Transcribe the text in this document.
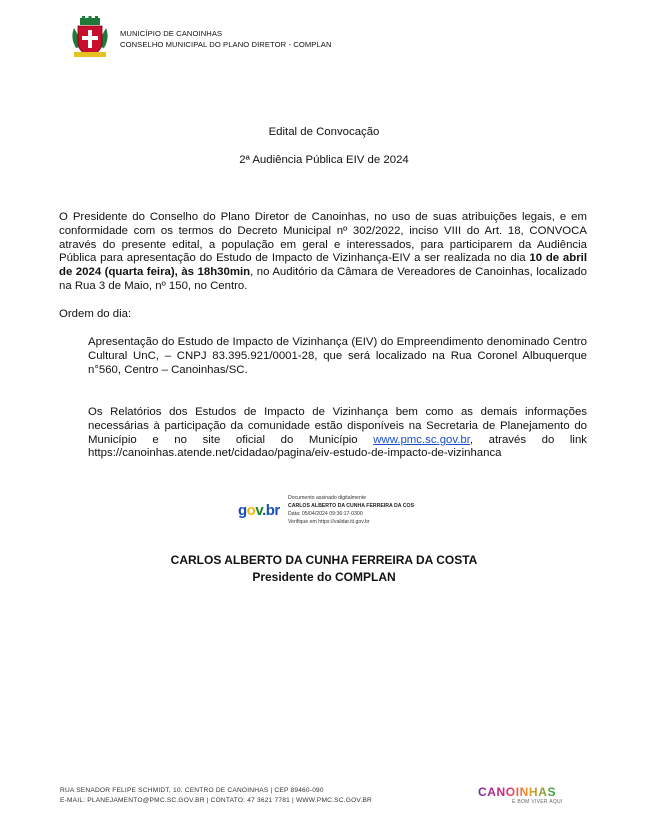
MUNICÍPIO DE CANOINHAS
CONSELHO MUNICIPAL DO PLANO DIRETOR - COMPLAN
Edital de Convocação
2ª Audiência Pública EIV de 2024
O Presidente do Conselho do Plano Diretor de Canoinhas, no uso de suas atribuições legais, e em conformidade com os termos do Decreto Municipal nº 302/2022, inciso VIII do Art. 18, CONVOCA através do presente edital, a população em geral e interessados, para participarem da Audiência Pública para apresentação do Estudo de Impacto de Vizinhança-EIV a ser realizada no dia 10 de abril de 2024 (quarta feira), às 18h30min, no Auditório da Câmara de Vereadores de Canoinhas, localizado na Rua 3 de Maio, nº 150, no Centro.
Ordem do dia:
Apresentação do Estudo de Impacto de Vizinhança (EIV) do Empreendimento denominado Centro Cultural UnC, – CNPJ 83.395.921/0001-28, que será localizado na Rua Coronel Albuquerque n°560, Centro – Canoinhas/SC.
Os Relatórios dos Estudos de Impacto de Vizinhança bem como as demais informações necessárias à participação da comunidade estão disponíveis na Secretaria de Planejamento do Município e no site oficial do Município www.pmc.sc.gov.br, através do link https://canoinhas.atende.net/cidadao/pagina/eiv-estudo-de-impacto-de-vizinhanca
gov.br
Documento assinado digitalmente
CARLOS ALBERTO DA CUNHA FERREIRA DA COS
Data: 05/04/2024 09:36:17-0300
Verifique em https://validar.iti.gov.br
CARLOS ALBERTO DA CUNHA FERREIRA DA COSTA
Presidente do COMPLAN
RUA SENADOR FELIPE SCHMIDT, 10. CENTRO DE CANOINHAS | CEP 89460-090
E-MAIL: PLANEJAMENTO@PMC.SC.GOV.BR | CONTATO: 47 3621 7781 | WWW.PMC.SC.GOV.BR
CANOINHAS
É BOM VIVER AQUI
